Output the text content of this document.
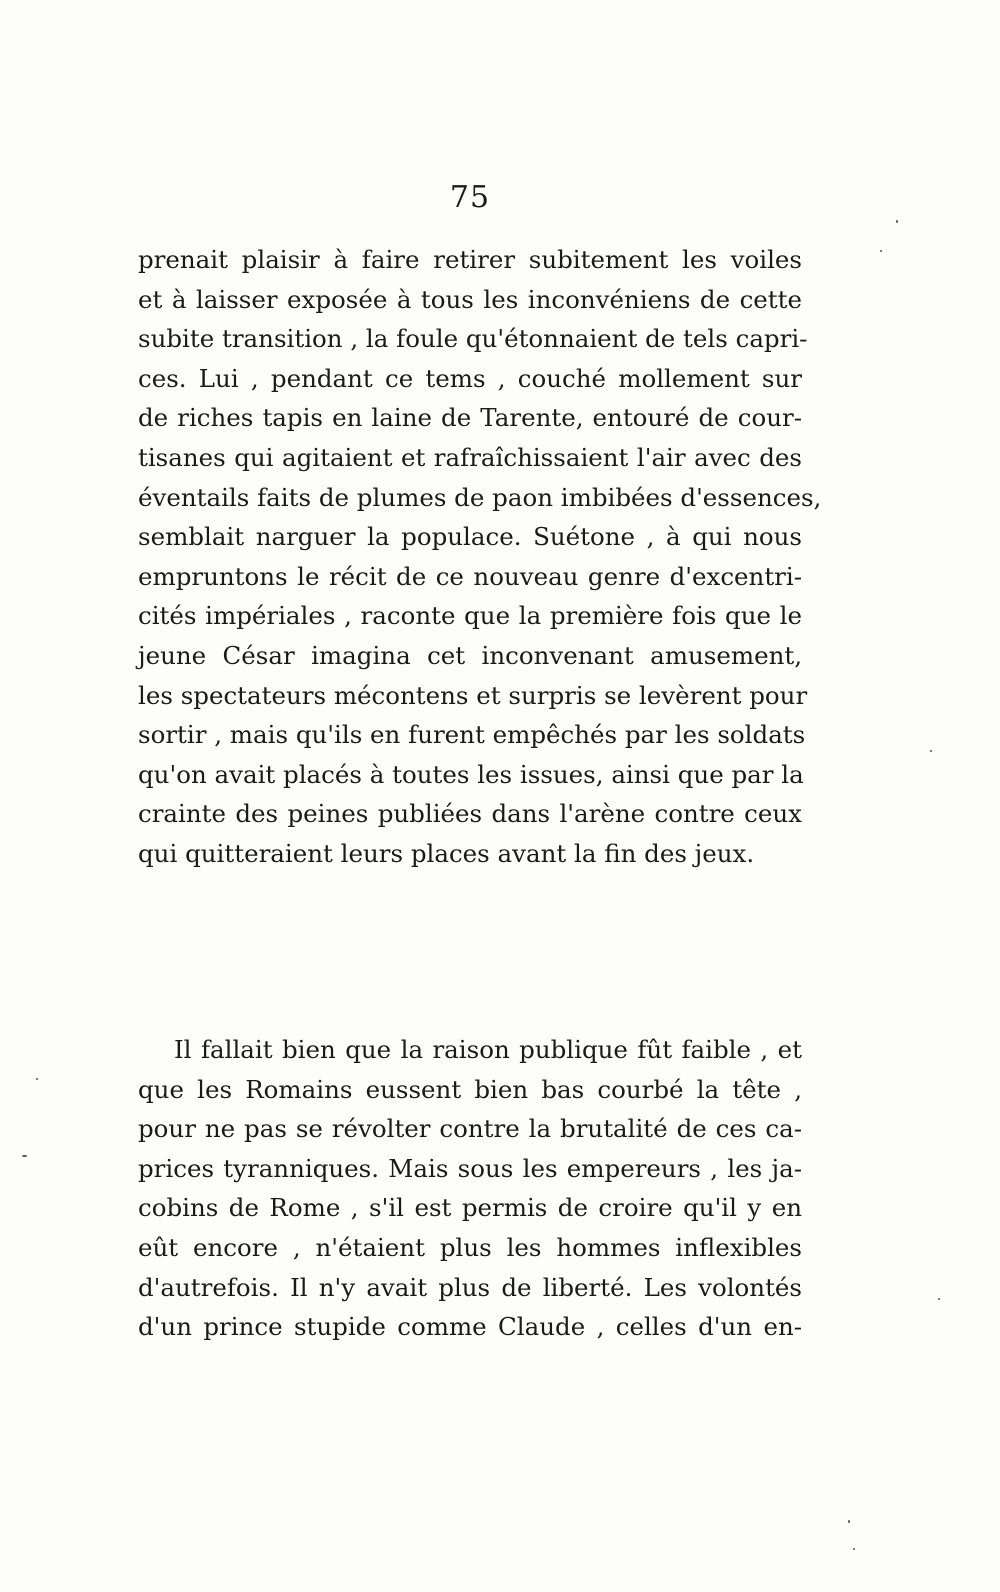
75
prenait plaisir à faire retirer subitement les voiles
et à laisser exposée à tous les inconvéniens de cette
subite transition , la foule qu'étonnaient de tels capri-
ces. Lui , pendant ce tems , couché mollement sur
de riches tapis en laine de Tarente, entouré de cour-
tisanes qui agitaient et rafraîchissaient l'air avec des
éventails faits de plumes de paon imbibées d'essences,
semblait narguer la populace. Suétone , à qui nous
empruntons le récit de ce nouveau genre d'excentri-
cités impériales , raconte que la première fois que le
jeune César imagina cet inconvenant amusement,
les spectateurs mécontens et surpris se levèrent pour
sortir , mais qu'ils en furent empêchés par les soldats
qu'on avait placés à toutes les issues, ainsi que par la
crainte des peines publiées dans l'arène contre ceux
qui quitteraient leurs places avant la fin des jeux.
Il fallait bien que la raison publique fût faible , et
que les Romains eussent bien bas courbé la tête ,
pour ne pas se révolter contre la brutalité de ces ca-
prices tyranniques. Mais sous les empereurs , les ja-
cobins de Rome , s'il est permis de croire qu'il y en
eût encore , n'étaient plus les hommes inflexibles
d'autrefois. Il n'y avait plus de liberté. Les volontés
d'un prince stupide comme Claude , celles d'un en-
